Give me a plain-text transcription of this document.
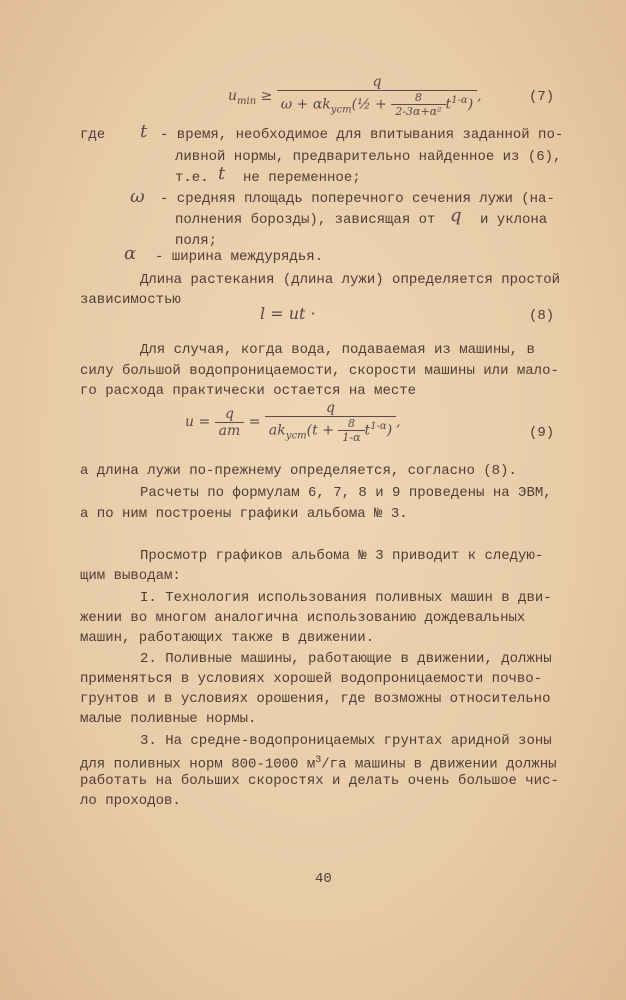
$u_{min} \ge \frac{q}{\omega + \alpha k_{уст}(\frac{1}{2} + \frac{8}{\text{2-3α+α²}} t^{1-\alpha})}$ ,	(7)
где t - время, необходимое для впитывания заданной по-
ливной нормы, предварительно найденное из (6),
т.е. t не переменное;
ω - средняя площадь поперечного сечения лужи (на-
полнения борозды), зависящая от q и уклона
поля;
α - ширина междурядья.
Длина растекания (длина лужи) определяется простой
зависимостью
l = ut ·	(8)
Для случая, когда вода, подаваемая из машины, в
силу большой водопроницаемости, скорости машины или мало-
го расхода практически остается на месте
$u = \frac{q}{am} = \frac{q}{ak_{уст}(t + \frac{8}{1-\alpha} t^{1-\alpha})}$ ,
(9)
а длина лужи по-прежнему определяется, согласно (8).
Расчеты по формулам 6, 7, 8 и 9 проведены на ЭВМ,
а по ним построены графики альбома № 3.
Просмотр графиков альбома № 3 приводит к следую-
щим выводам:
I. Технология использования поливных машин в дви-
жении во многом аналогична использованию дождевальных
машин, работающих также в движении.
2. Поливные машины, работающие в движении, должны
применяться в условиях хорошей водопроницаемости почво-
грунтов и в условиях орошения, где возможны относительно
малые поливные нормы.
3. На средне-водопроницаемых грунтах аридной зоны
для поливных норм 800-1000 $м^3/га$ машины в движении должны
работать на больших скоростях и делать очень большое чис-
ло проходов.
40
